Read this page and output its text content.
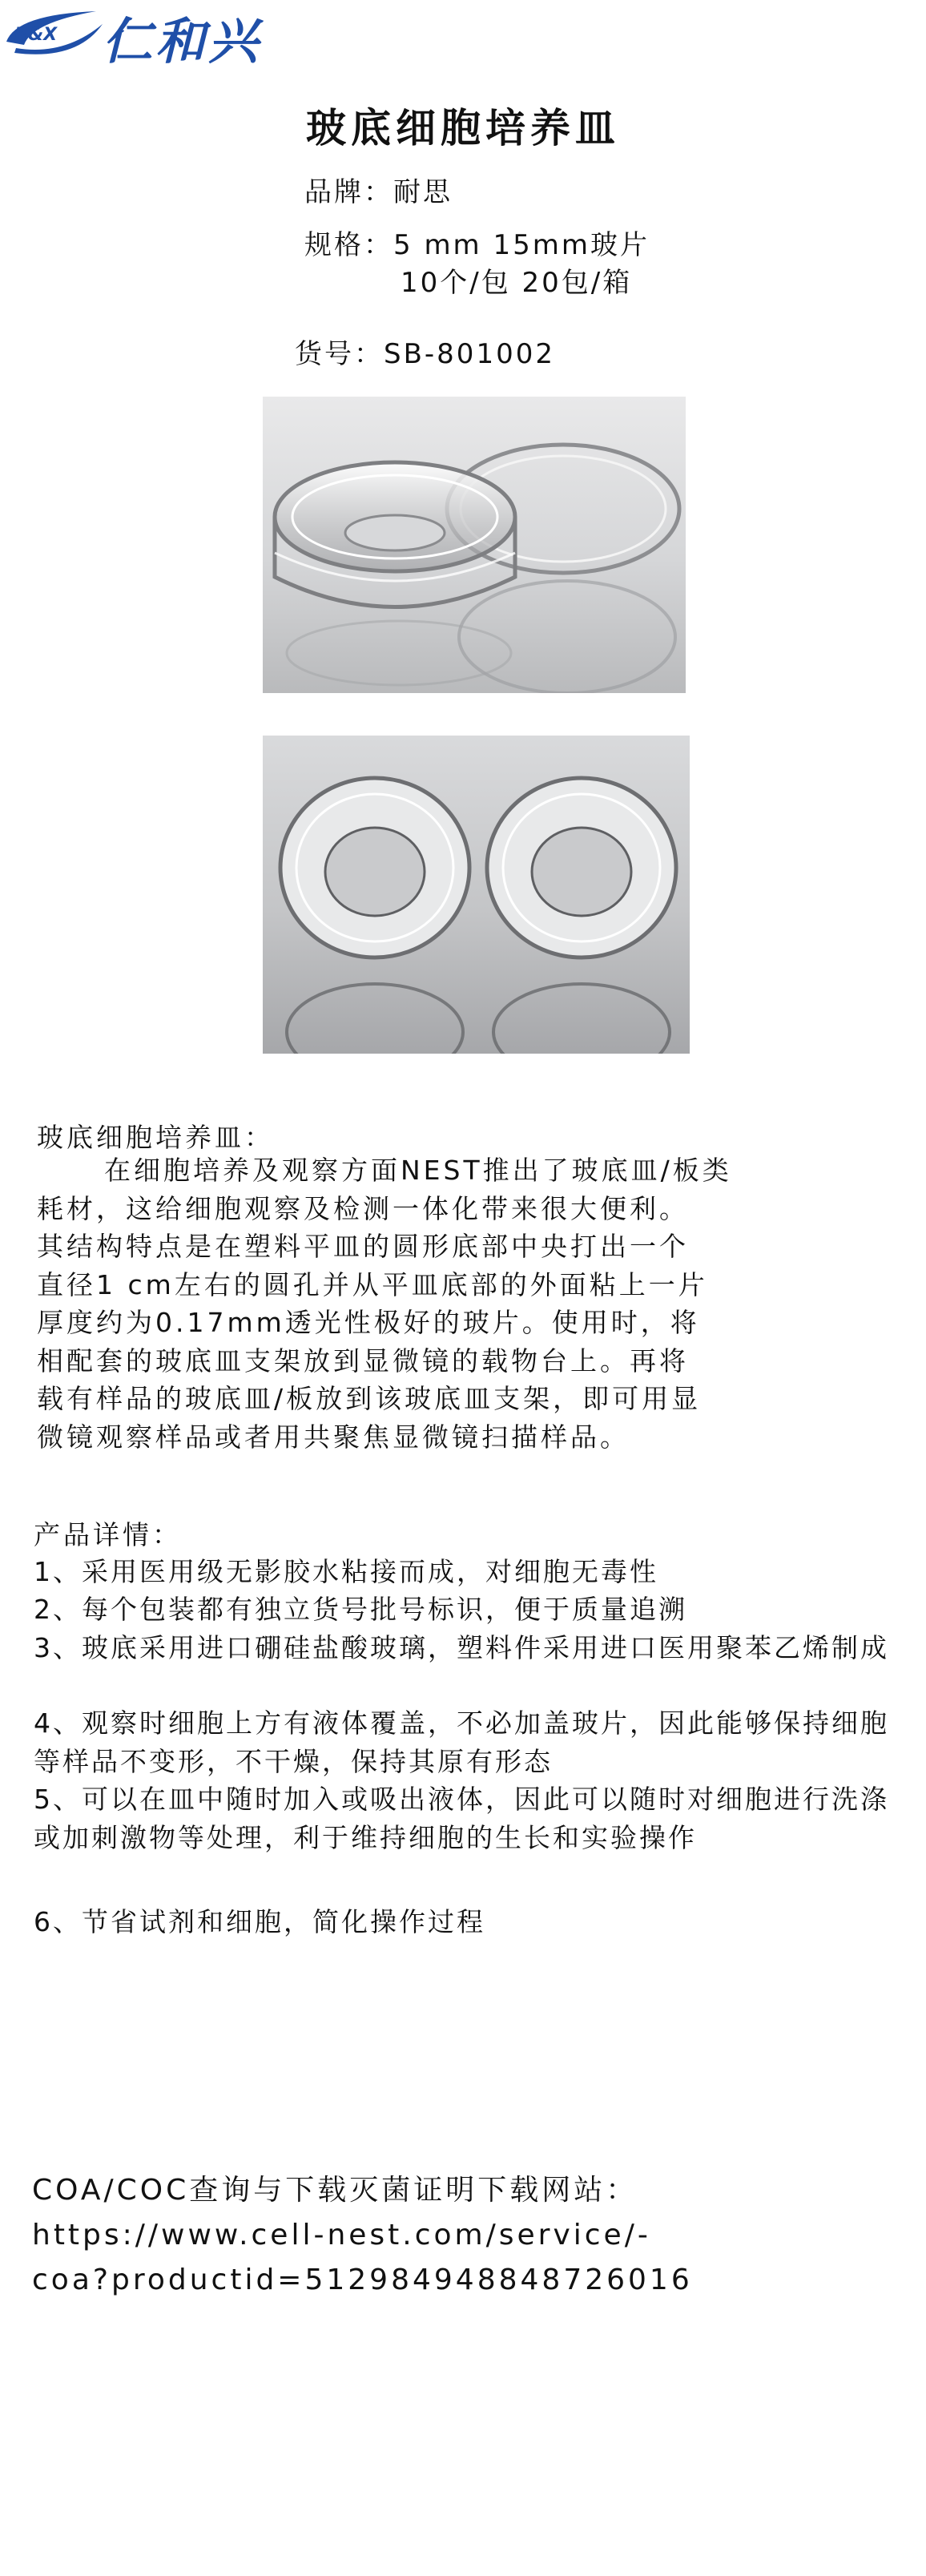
R&X 仁和兴
玻底细胞培养皿
品牌：耐思
规格：5 mm 15mm玻片
10个/包 20包/箱
货号：SB-801002
玻底细胞培养皿：
在细胞培养及观察方面NEST推出了玻底皿/板类
耗材，这给细胞观察及检测一体化带来很大便利。
其结构特点是在塑料平皿的圆形底部中央打出一个
直径1 cm左右的圆孔并从平皿底部的外面粘上一片
厚度约为0.17mm透光性极好的玻片。使用时，将
相配套的玻底皿支架放到显微镜的载物台上。再将
载有样品的玻底皿/板放到该玻底皿支架，即可用显
微镜观察样品或者用共聚焦显微镜扫描样品。
产品详情：
1、采用医用级无影胶水粘接而成，对细胞无毒性
2、每个包装都有独立货号批号标识，便于质量追溯
3、玻底采用进口硼硅盐酸玻璃，塑料件采用进口医用聚苯乙烯制成
4、观察时细胞上方有液体覆盖，不必加盖玻片，因此能够保持细胞等样品不变形，不干燥，保持其原有形态
5、可以在皿中随时加入或吸出液体，因此可以随时对细胞进行洗涤或加刺激物等处理，利于维持细胞的生长和实验操作
6、节省试剂和细胞，简化操作过程
COA/COC查询与下载灭菌证明下载网站：
https://www.cell-nest.com/service/-
coa?productid=512984948848726016
